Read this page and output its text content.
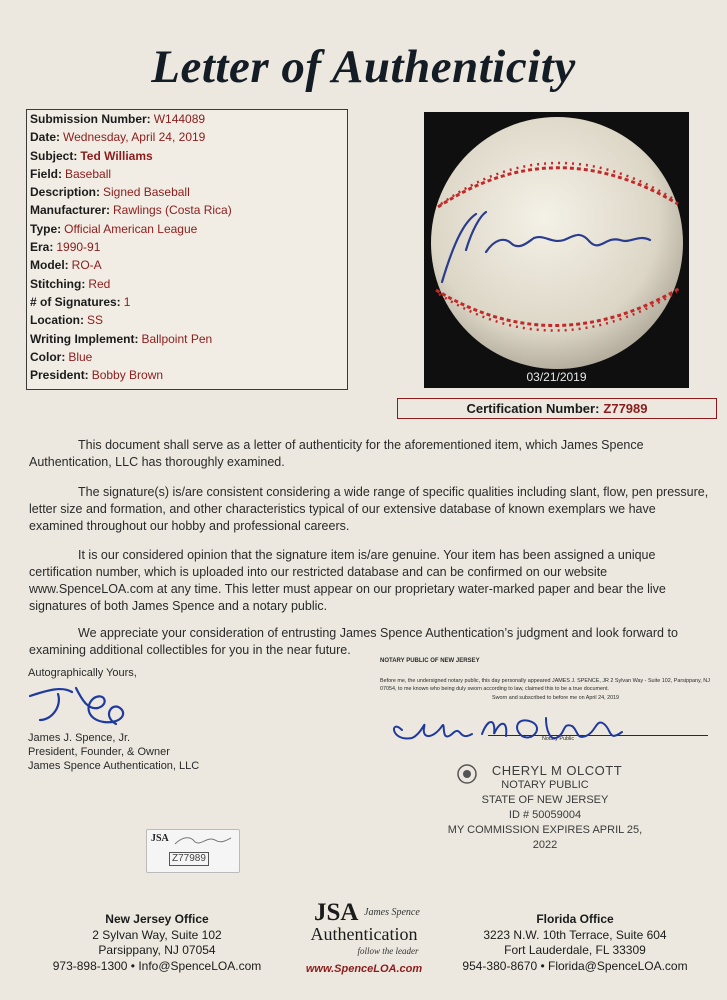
Letter of Authenticity
Submission Number: W144089
Date: Wednesday, April 24, 2019
Subject: Ted Williams
Field: Baseball
Description: Signed Baseball
Manufacturer: Rawlings (Costa Rica)
Type: Official American League
Era: 1990-91
Model: RO-A
Stitching: Red
# of Signatures: 1
Location: SS
Writing Implement: Ballpoint Pen
Color: Blue
President: Bobby Brown	03/21/2019
Certification Number: Z77989

This document shall serve as a letter of authenticity for the aforementioned item, which James Spence Authentication, LLC has thoroughly examined.

The signature(s) is/are consistent considering a wide range of specific qualities including slant, flow, pen pressure, letter size and formation, and other characteristics typical of our extensive database of known exemplars we have examined throughout our hobby and professional careers.

It is our considered opinion that the signature item is/are genuine. Your item has been assigned a unique certification number, which is uploaded into our restricted database and can be confirmed on our website www.SpenceLOA.com at any time. This letter must appear on our proprietary water-marked paper and bear the live signatures of both James Spence and a notary public.

We appreciate your consideration of entrusting James Spence Authentication’s judgment and look forward to examining additional collectibles for you in the near future.

Autographically Yours,
James J. Spence, Jr.
President, Founder, & Owner
James Spence Authentication, LLC
NOTARY PUBLIC OF NEW JERSEY
Before me, the undersigned notary public, this day personally appeared JAMES J. SPENCE, JR 2 Sylvan Way - Suite 102, Parsippany, NJ 07054, to me known who being duly sworn according to law, claimed this to be a true document.
Sworn and subscribed to before me on April 24, 2019
Notary Public
CHERYL M OLCOTT
NOTARY PUBLIC
STATE OF NEW JERSEY
ID # 50059004
MY COMMISSION EXPIRES APRIL 25, 2022
JSA
Z77989
New Jersey Office
2 Sylvan Way, Suite 102
Parsippany, NJ 07054
973-898-1300 • Info@SpenceLOA.com
JSA James Spence
Authentication
follow the leader
www.SpenceLOA.com
Florida Office
3223 N.W. 10th Terrace, Suite 604
Fort Lauderdale, FL 33309
954-380-8670 • Florida@SpenceLOA.com
